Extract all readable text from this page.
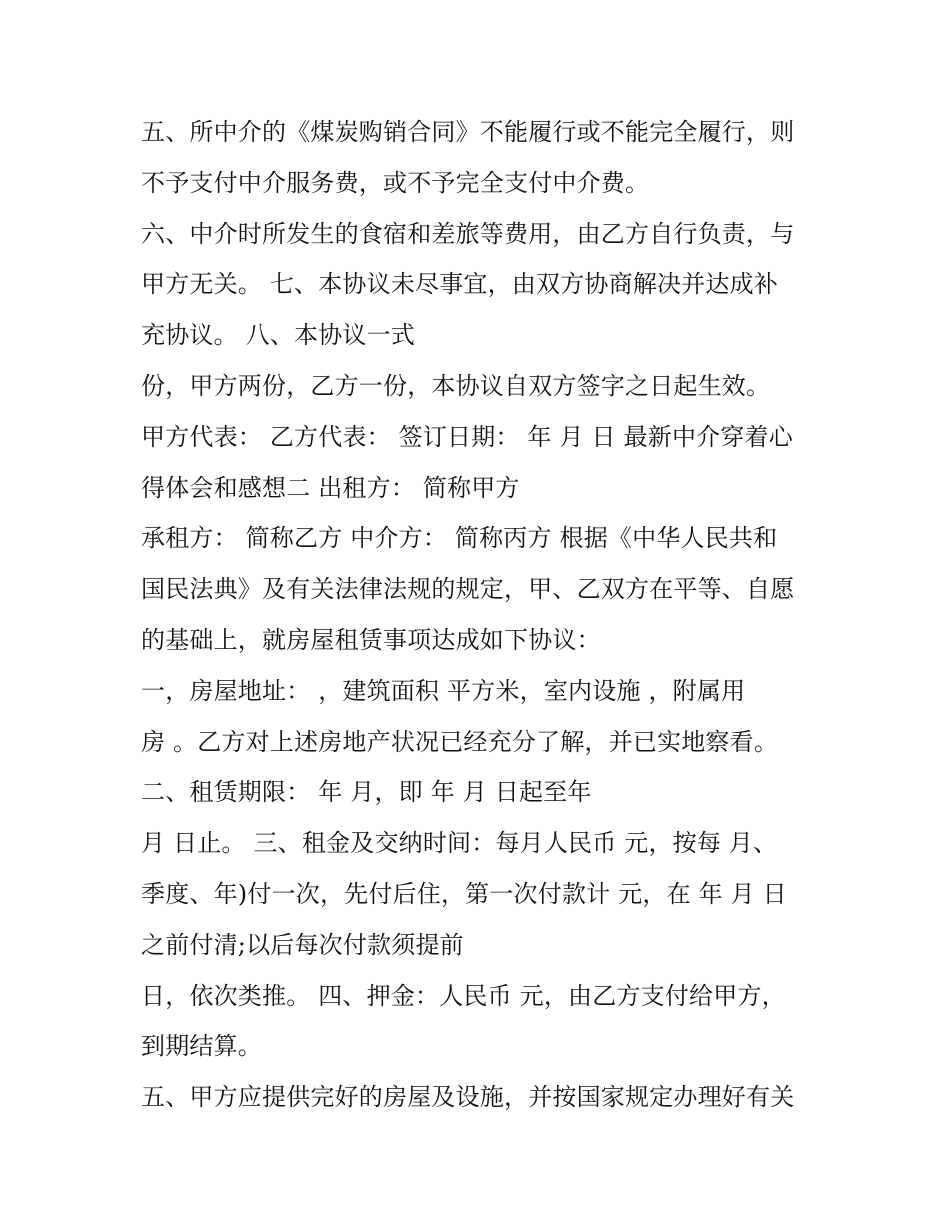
五、所中介的《煤炭购销合同》不能履行或不能完全履行，则
不予支付中介服务费，或不予完全支付中介费。
六、中介时所发生的食宿和差旅等费用，由乙方自行负责，与
甲方无关。 七、本协议未尽事宜，由双方协商解决并达成补
充协议。 八、本协议一式
份，甲方两份，乙方一份，本协议自双方签字之日起生效。
甲方代表： 乙方代表： 签订日期： 年 月 日 最新中介穿着心
得体会和感想二 出租方： 简称甲方
承租方： 简称乙方 中介方： 简称丙方 根据《中华人民共和
国民法典》及有关法律法规的规定，甲、乙双方在平等、自愿
的基础上，就房屋租赁事项达成如下协议：
一，房屋地址： ，建筑面积 平方米，室内设施 ，附属用
房 。乙方对上述房地产状况已经充分了解，并已实地察看。
二、租赁期限： 年 月，即 年 月 日起至年
月 日止。 三、租金及交纳时间：每月人民币 元，按每 月、
季度、年)付一次，先付后住，第一次付款计 元，在 年 月 日
之前付清;以后每次付款须提前
日，依次类推。 四、押金：人民币 元，由乙方支付给甲方，
到期结算。
五、甲方应提供完好的房屋及设施，并按国家规定办理好有关
